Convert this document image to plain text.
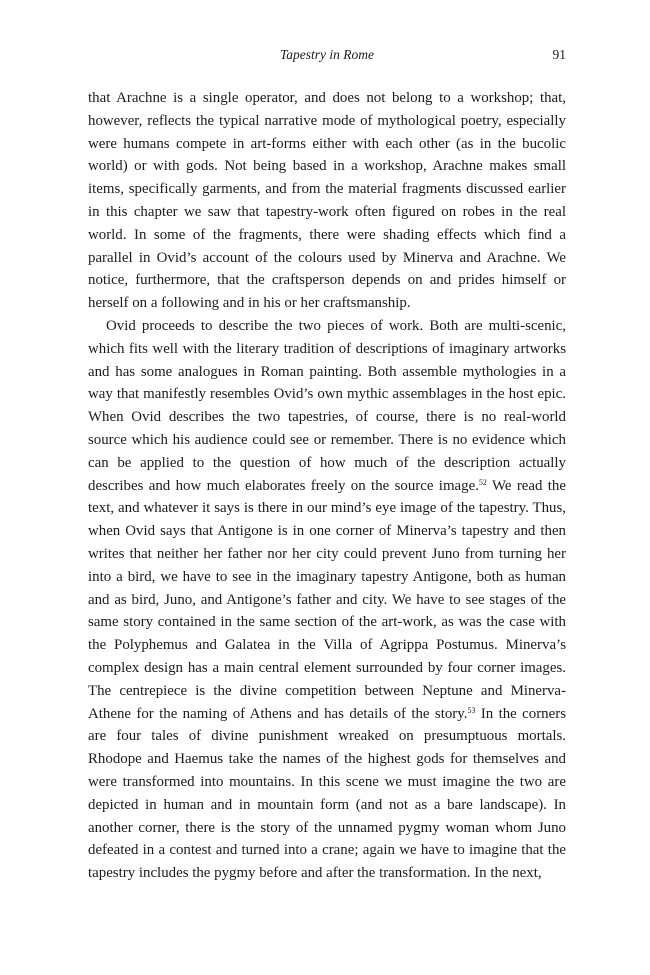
Tapestry in Rome	91

that Arachne is a single operator, and does not belong to a workshop; that,
however, reflects the typical narrative mode of mythological poetry, especially
were humans compete in art-forms either with each other (as in the bucolic
world) or with gods. Not being based in a workshop, Arachne makes small
items, specifically garments, and from the material fragments discussed earlier
in this chapter we saw that tapestry-work often figured on robes in the real
world. In some of the fragments, there were shading effects which find a
parallel in Ovid’s account of the colours used by Minerva and Arachne. We
notice, furthermore, that the craftsperson depends on and prides himself or
herself on a following and in his or her craftsmanship.

Ovid proceeds to describe the two pieces of work. Both are multi-scenic,
which fits well with the literary tradition of descriptions of imaginary artworks
and has some analogues in Roman painting. Both assemble mythologies in a
way that manifestly resembles Ovid’s own mythic assemblages in the host epic.
When Ovid describes the two tapestries, of course, there is no real-world
source which his audience could see or remember. There is no evidence which
can be applied to the question of how much of the description actually
describes and how much elaborates freely on the source image.$^{52}$ We read the
text, and whatever it says is there in our mind’s eye image of the tapestry. Thus,
when Ovid says that Antigone is in one corner of Minerva’s tapestry and then
writes that neither her father nor her city could prevent Juno from turning her
into a bird, we have to see in the imaginary tapestry Antigone, both as human
and as bird, Juno, and Antigone’s father and city. We have to see stages of the
same story contained in the same section of the art-work, as was the case with
the Polyphemus and Galatea in the Villa of Agrippa Postumus. Minerva’s
complex design has a main central element surrounded by four corner images.
The centrepiece is the divine competition between Neptune and Minerva-
Athene for the naming of Athens and has details of the story.$^{53}$ In the corners
are four tales of divine punishment wreaked on presumptuous mortals.
Rhodope and Haemus take the names of the highest gods for themselves and
were transformed into mountains. In this scene we must imagine the two are
depicted in human and in mountain form (and not as a bare landscape). In
another corner, there is the story of the unnamed pygmy woman whom Juno
defeated in a contest and turned into a crane; again we have to imagine that the
tapestry includes the pygmy before and after the transformation. In the next,
